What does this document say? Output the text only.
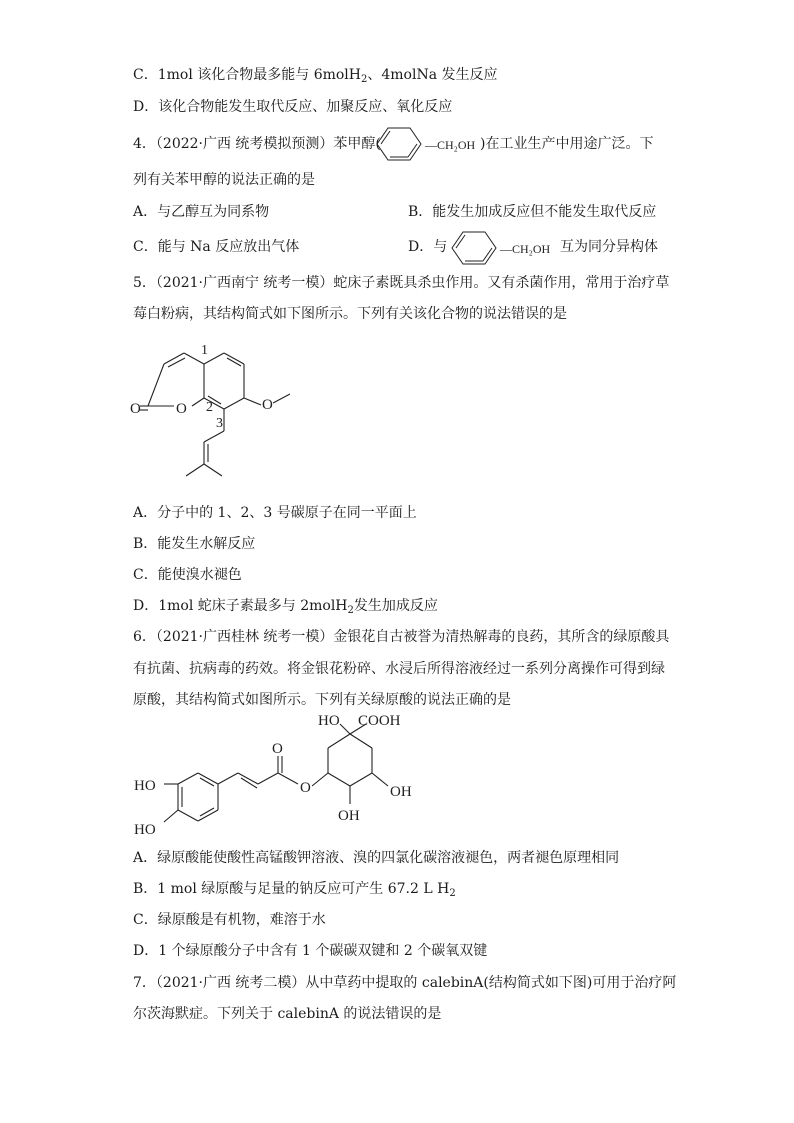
C．1mol 该化合物最多能与 6molH$_2$、4molNa 发生反应
D．该化合物能发生取代反应、加聚反应、氧化反应
4．（2022·广西 统考模拟预测）苯甲醇(	—CH₂OH )在工业生产中用途广泛。下
列有关苯甲醇的说法正确的是
A．与乙醇互为同系物	B．能发生加成反应但不能发生取代反应
C．能与 Na 反应放出气体	D．与	—CH₂OH 互为同分异构体
5．（2021·广西南宁 统考一模）蛇床子素既具杀虫作用。又有杀菌作用，常用于治疗草
莓白粉病，其结构简式如下图所示。下列有关该化合物的说法错误的是
O O	O
1
2
3
A．分子中的 1、2、3 号碳原子在同一平面上
B．能发生水解反应
C．能使溴水褪色
D．1mol 蛇床子素最多与 2molH$_2$发生加成反应
6．（2021·广西桂林 统考一模）金银花自古被誉为清热解毒的良药，其所含的绿原酸具
有抗菌、抗病毒的药效。将金银花粉碎、水浸后所得溶液经过一系列分离操作可得到绿
原酸，其结构简式如图所示。下列有关绿原酸的说法正确的是
HO
HO
O
O
HO COOH
OH
OH
A．绿原酸能使酸性高锰酸钾溶液、溴的四氯化碳溶液褪色，两者褪色原理相同
B．1 mol 绿原酸与足量的钠反应可产生 67.2 L $H_2$
C．绿原酸是有机物，难溶于水
D．1 个绿原酸分子中含有 1 个碳碳双键和 2 个碳氧双键
7．（2021·广西 统考二模）从中草药中提取的 calebinA(结构简式如下图)可用于治疗阿
尔茨海默症。下列关于 calebinA 的说法错误的是
